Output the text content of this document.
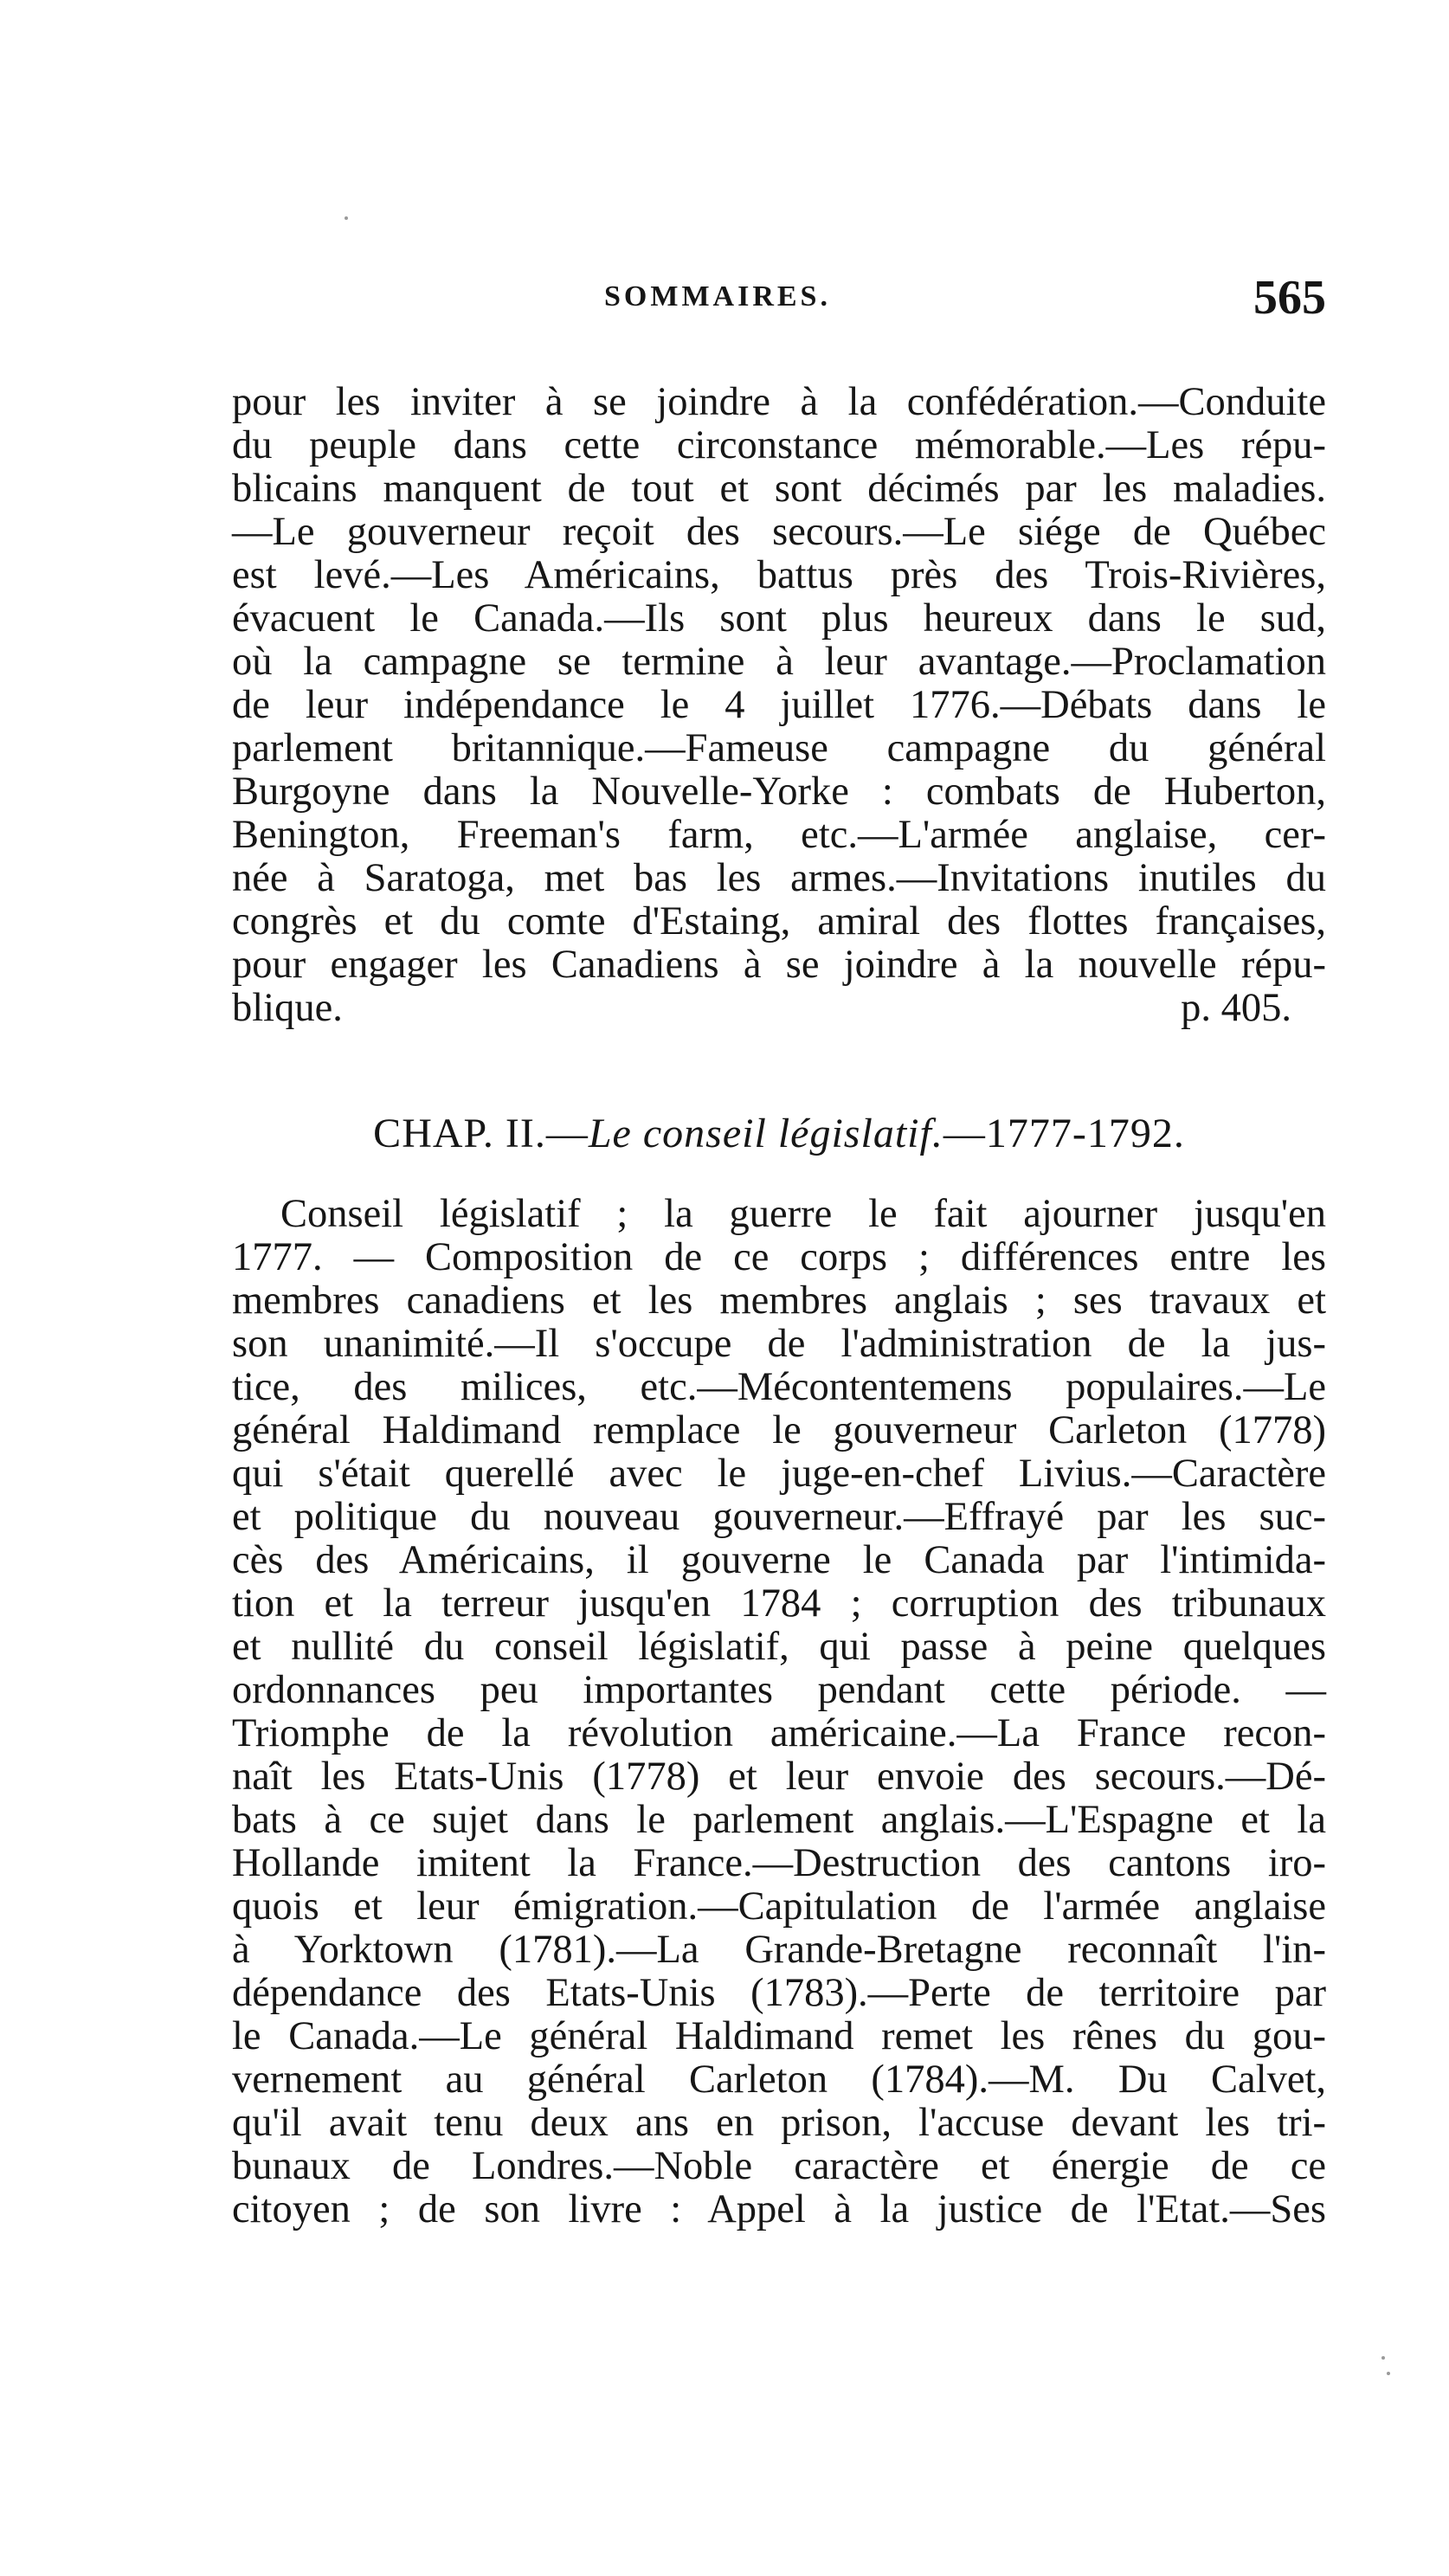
SOMMAIRES.	565
pour les inviter à se joindre à la confédération.—Conduite
du peuple dans cette circonstance mémorable.—Les répu-
blicains manquent de tout et sont décimés par les maladies.
—Le gouverneur reçoit des secours.—Le siége de Québec
est levé.—Les Américains, battus près des Trois-Rivières,
évacuent le Canada.—Ils sont plus heureux dans le sud,
où la campagne se termine à leur avantage.—Proclamation
de leur indépendance le 4 juillet 1776.—Débats dans le
parlement britannique.—Fameuse campagne du général
Burgoyne dans la Nouvelle-Yorke : combats de Huberton,
Benington, Freeman's farm, etc.—L'armée anglaise, cer-
née à Saratoga, met bas les armes.—Invitations inutiles du
congrès et du comte d'Estaing, amiral des flottes françaises,
pour engager les Canadiens à se joindre à la nouvelle répu-
blique.	p. 405.
CHAP. II.—Le conseil législatif.—1777-1792.
Conseil législatif ; la guerre le fait ajourner jusqu'en
1777. — Composition de ce corps ; différences entre les
membres canadiens et les membres anglais ; ses travaux et
son unanimité.—Il s'occupe de l'administration de la jus-
tice, des milices, etc.—Mécontentemens populaires.—Le
général Haldimand remplace le gouverneur Carleton (1778)
qui s'était querellé avec le juge-en-chef Livius.—Caractère
et politique du nouveau gouverneur.—Effrayé par les suc-
cès des Américains, il gouverne le Canada par l'intimida-
tion et la terreur jusqu'en 1784 ; corruption des tribunaux
et nullité du conseil législatif, qui passe à peine quelques
ordonnances peu importantes pendant cette période. —
Triomphe de la révolution américaine.—La France recon-
naît les Etats-Unis (1778) et leur envoie des secours.—Dé-
bats à ce sujet dans le parlement anglais.—L'Espagne et la
Hollande imitent la France.—Destruction des cantons iro-
quois et leur émigration.—Capitulation de l'armée anglaise
à Yorktown (1781).—La Grande-Bretagne reconnaît l'in-
dépendance des Etats-Unis (1783).—Perte de territoire par
le Canada.—Le général Haldimand remet les rênes du gou-
vernement au général Carleton (1784).—M. Du Calvet,
qu'il avait tenu deux ans en prison, l'accuse devant les tri-
bunaux de Londres.—Noble caractère et énergie de ce
citoyen ; de son livre : Appel à la justice de l'Etat.—Ses
